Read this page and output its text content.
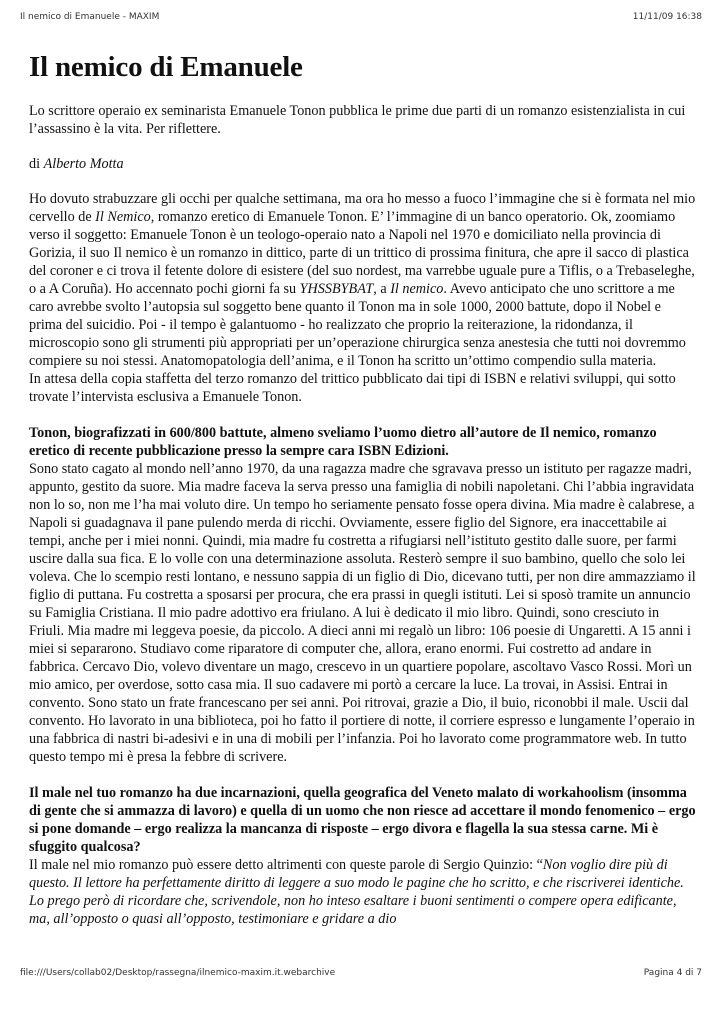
Il nemico di Emanuele - MAXIM	11/11/09 16:38
Il nemico di Emanuele

Lo scrittore operaio ex seminarista Emanuele Tonon pubblica le prime due parti di un romanzo esistenzialista in cui l’assassino è la vita. Per riflettere.

di Alberto Motta

Ho dovuto strabuzzare gli occhi per qualche settimana, ma ora ho messo a fuoco l’immagine che si è formata nel mio cervello de Il Nemico, romanzo eretico di Emanuele Tonon. E’ l’immagine di un banco operatorio. Ok, zoomiamo verso il soggetto: Emanuele Tonon è un teologo-operaio nato a Napoli nel 1970 e domiciliato nella provincia di Gorizia, il suo Il nemico è un romanzo in dittico, parte di un trittico di prossima finitura, che apre il sacco di plastica del coroner e ci trova il fetente dolore di esistere (del suo nordest, ma varrebbe uguale pure a Tiflis, o a Trebaseleghe, o a A Coruña). Ho accennato pochi giorni fa su YHSSBYBAT, a Il nemico. Avevo anticipato che uno scrittore a me caro avrebbe svolto l’autopsia sul soggetto bene quanto il Tonon ma in sole 1000, 2000 battute, dopo il Nobel e prima del suicidio. Poi - il tempo è galantuomo - ho realizzato che proprio la reiterazione, la ridondanza, il microscopio sono gli strumenti più appropriati per un’operazione chirurgica senza anestesia che tutti noi dovremmo compiere su noi stessi. Anatomopatologia dell’anima, e il Tonon ha scritto un’ottimo compendio sulla materia.

In attesa della copia staffetta del terzo romanzo del trittico pubblicato dai tipi di ISBN e relativi sviluppi, qui sotto trovate l’intervista esclusiva a Emanuele Tonon.

Tonon, biografizzati in 600/800 battute, almeno sveliamo l’uomo dietro all’autore de Il nemico, romanzo eretico di recente pubblicazione presso la sempre cara ISBN Edizioni.

Sono stato cagato al mondo nell’anno 1970, da una ragazza madre che sgravava presso un istituto per ragazze madri, appunto, gestito da suore. Mia madre faceva la serva presso una famiglia di nobili napoletani. Chi l’abbia ingravidata non lo so, non me l’ha mai voluto dire. Un tempo ho seriamente pensato fosse opera divina. Mia madre è calabrese, a Napoli si guadagnava il pane pulendo merda di ricchi. Ovviamente, essere figlio del Signore, era inaccettabile ai tempi, anche per i miei nonni. Quindi, mia madre fu costretta a rifugiarsi nell’istituto gestito dalle suore, per farmi uscire dalla sua fica. E lo volle con una determinazione assoluta. Resterò sempre il suo bambino, quello che solo lei voleva. Che lo scempio resti lontano, e nessuno sappia di un figlio di Dio, dicevano tutti, per non dire ammazziamo il figlio di puttana. Fu costretta a sposarsi per procura, che era prassi in quegli istituti. Lei si sposò tramite un annuncio su Famiglia Cristiana. Il mio padre adottivo era friulano. A lui è dedicato il mio libro. Quindi, sono cresciuto in Friuli. Mia madre mi leggeva poesie, da piccolo. A dieci anni mi regalò un libro: 106 poesie di Ungaretti. A 15 anni i miei si separarono. Studiavo come riparatore di computer che, allora, erano enormi. Fui costretto ad andare in fabbrica. Cercavo Dio, volevo diventare un mago, crescevo in un quartiere popolare, ascoltavo Vasco Rossi. Morì un mio amico, per overdose, sotto casa mia. Il suo cadavere mi portò a cercare la luce. La trovai, in Assisi. Entrai in convento. Sono stato un frate francescano per sei anni. Poi ritrovai, grazie a Dio, il buio, riconobbi il male. Uscii dal convento. Ho lavorato in una biblioteca, poi ho fatto il portiere di notte, il corriere espresso e lungamente l’operaio in una fabbrica di nastri bi-adesivi e in una di mobili per l’infanzia. Poi ho lavorato come programmatore web. In tutto questo tempo mi è presa la febbre di scrivere.

Il male nel tuo romanzo ha due incarnazioni, quella geografica del Veneto malato di workahoolism (insomma di gente che si ammazza di lavoro) e quella di un uomo che non riesce ad accettare il mondo fenomenico – ergo si pone domande – ergo realizza la mancanza di risposte – ergo divora e flagella la sua stessa carne. Mi è sfuggito qualcosa?

Il male nel mio romanzo può essere detto altrimenti con queste parole di Sergio Quinzio: “Non voglio dire più di questo. Il lettore ha perfettamente diritto di leggere a suo modo le pagine che ho scritto, e che riscriverei identiche. Lo prego però di ricordare che, scrivendole, non ho inteso esaltare i buoni sentimenti o compere opera edificante, ma, all’opposto o quasi all’opposto, testimoniare e gridare a dio

file:///Users/collab02/Desktop/rassegna/ilnemico-maxim.it.webarchive	Pagina 4 di 7
